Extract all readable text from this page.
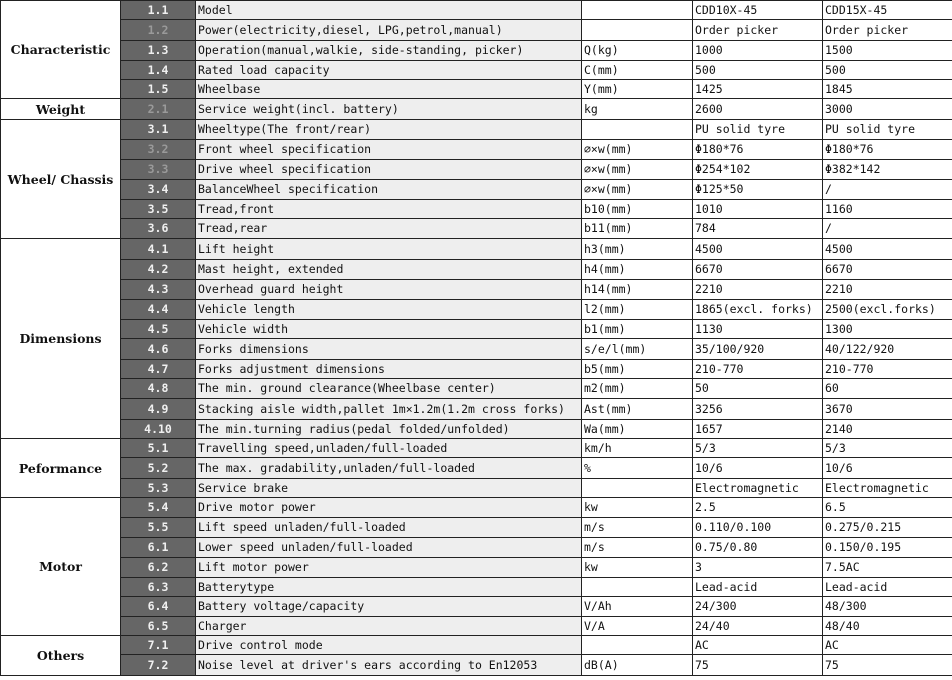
Characteristic	1.1	Model		CDD10X-45	CDD15X-45
	1.2	Power(electricity,diesel, LPG,petrol,manual)		Order picker	Order picker
	1.3	Operation(manual,walkie, side-standing, picker)	Q(kg)	1000	1500
	1.4	Rated load capacity	C(mm)	500	500
	1.5	Wheelbase	Y(mm)	1425	1845
Weight	2.1	Service weight(incl. battery)	kg	2600	3000
Wheel/ Chassis	3.1	Wheeltype(The front/rear)		PU solid tyre	PU solid tyre
	3.2	Front wheel specification	⌀×w(mm)	Φ180*76	Φ180*76
	3.3	Drive wheel specification	⌀×w(mm)	Φ254*102	Φ382*142
	3.4	BalanceWheel specification	⌀×w(mm)	Φ125*50	/
	3.5	Tread,front	b10(mm)	1010	1160
	3.6	Tread,rear	b11(mm)	784	/
Dimensions	4.1	Lift height	h3(mm)	4500	4500
	4.2	Mast height, extended	h4(mm)	6670	6670
	4.3	Overhead guard height	h14(mm)	2210	2210
	4.4	Vehicle length	l2(mm)	1865(excl. forks)	2500(excl.forks)
	4.5	Vehicle width	b1(mm)	1130	1300
	4.6	Forks dimensions	s/e/l(mm)	35/100/920	40/122/920
	4.7	Forks adjustment dimensions	b5(mm)	210-770	210-770
	4.8	The min. ground clearance(Wheelbase center)	m2(mm)	50	60
	4.9	Stacking aisle width,pallet 1m×1.2m(1.2m cross forks)	Ast(mm)	3256	3670
	4.10	The min.turning radius(pedal folded/unfolded)	Wa(mm)	1657	2140
Peformance	5.1	Travelling speed,unladen/full-loaded	km/h	5/3	5/3
	5.2	The max. gradability,unladen/full-loaded	%	10/6	10/6
	5.3	Service brake		Electromagnetic	Electromagnetic
Motor	5.4	Drive motor power	kw	2.5	6.5
	5.5	Lift speed unladen/full-loaded	m/s	0.110/0.100	0.275/0.215
	6.1	Lower speed unladen/full-loaded	m/s	0.75/0.80	0.150/0.195
	6.2	Lift motor power	kw	3	7.5AC
	6.3	Batterytype		Lead-acid	Lead-acid
	6.4	Battery voltage/capacity	V/Ah	24/300	48/300
	6.5	Charger	V/A	24/40	48/40
Others	7.1	Drive control mode		AC	AC
	7.2	Noise level at driver's ears according to En12053	dB(A)	75	75
